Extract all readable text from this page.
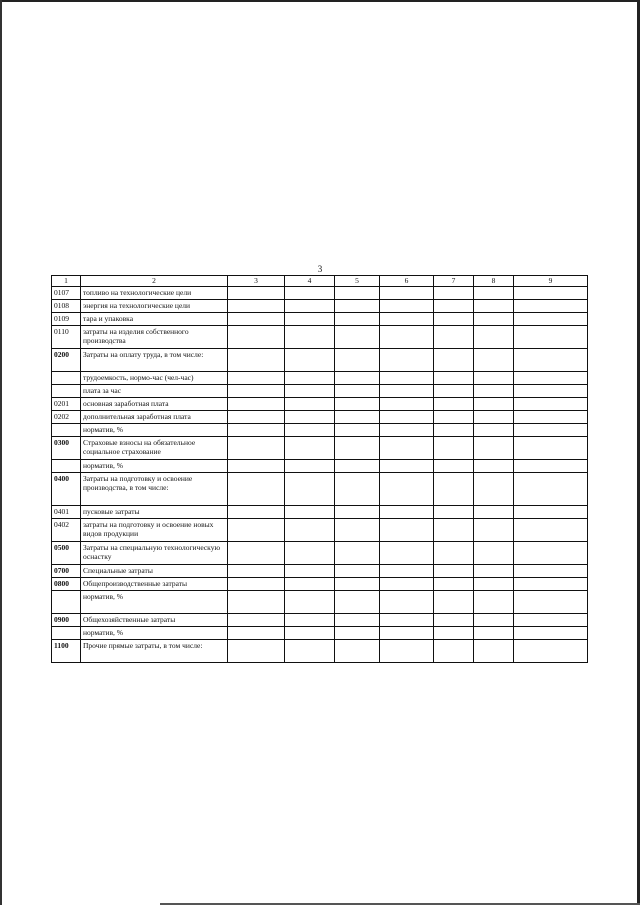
3
1	2	3	4	5	6	7	8	9
0107	топливо на технологические цели							
0108	энергия на технологические цели							
0109	тара и упаковка							
0110	затраты на изделия собственного производства							
0200	Затраты на оплату труда, в том числе:							
	трудоемкость, нормо-час (чел-час)							
	плата за час							
0201	основная заработная плата							
0202	дополнительная заработная плата							
	норматив, %							
0300	Страховые взносы на обязательное социальное страхование							
	норматив, %							
0400	Затраты на подготовку и освоение производства, в том числе:							
0401	пусковые затраты							
0402	затраты на подготовку и освоение новых видов продукции							
0500	Затраты на специальную технологическую оснастку							
0700	Специальные затраты							
0800	Общепроизводственные затраты							
	норматив, %							
0900	Общехозяйственные затраты							
	норматив, %							
1100	Прочие прямые затраты, в том числе:							
